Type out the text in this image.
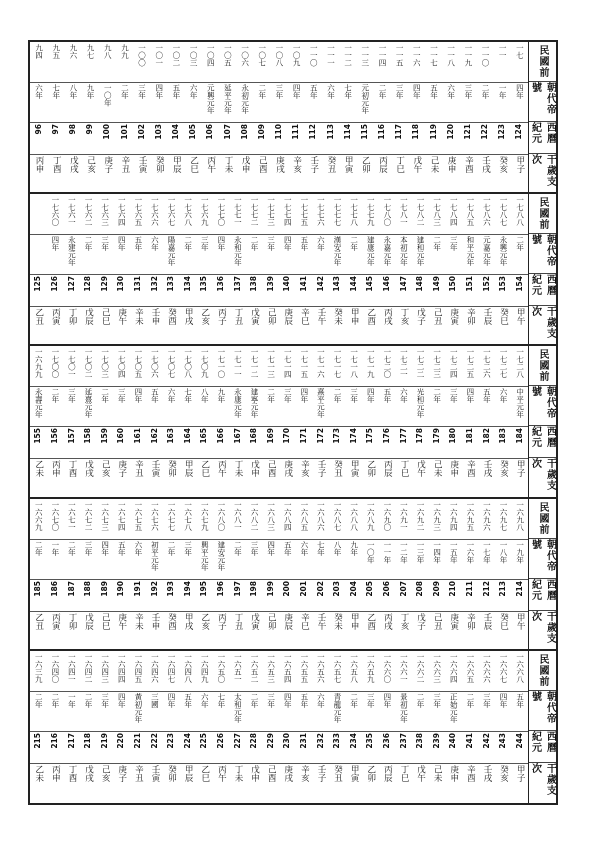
民國前
朝代帝號
西曆紀元
干歲支次
一七
四年
124
甲子
一一
一年
123
癸亥
一一〇
二年
122
壬戌
一一九
三年
121
辛酉
一一八
六年
120
庚申
一一七
五年
119
己未
一一六
四年
118
戊午
一一五
三年
117
丁巳
一一四
二年
116
丙辰
一一三
元初元年
115
乙卯
一一二
七年
114
甲寅
一一一
六年
113
癸丑
一一〇
五年
112
壬子
一〇九
四年
111
辛亥
一〇八
三年
110
庚戌
一〇七
二年
109
己酉
一〇六
永初元年
108
戊申
一〇五
延平元年
107
丁未
一〇四
元興元年
106
丙午
一〇三
六年
105
乙巳
一〇二
五年
104
甲辰
一〇一
四年
103
癸卯
一〇〇
三年
102
壬寅
九九
二年
101
辛丑
九八
一〇年
100
庚子
九七
九年
99
己亥
九六
八年
98
戊戌
九五
七年
97
丁酉
九四
六年
96
丙申
民國前
朝代帝號
西曆紀元
干歲支次
一七八八
二年
154
甲午
一七八七
永興元年
153
癸巳
一七八六
元嘉元年
152
壬辰
一七八五
和平元年
151
辛卯
一七八四
三年
150
庚寅
一七八三
二年
149
己丑
一七八二
建和元年
148
戊子
一七八一
本初元年
147
丁亥
一七八〇
永嘉元年
146
丙戌
一七七九
建康元年
145
乙酉
一七七八
二年
144
甲申
一七七七
漢安元年
143
癸未
一七七六
六年
142
壬午
一七七五
五年
141
辛巳
一七七四
四年
140
庚辰
一七七三
三年
139
己卯
一七七二
二年
138
戊寅
一七七一
永和元年
137
丁丑
一七七〇
四年
136
丙子
一七六九
三年
135
乙亥
一七六八
二年
134
甲戌
一七六七
陽嘉元年
133
癸酉
一七六六
六年
132
壬申
一七六五
五年
131
辛未
一七六四
四年
130
庚午
一七六三
三年
129
己巳
一七六二
二年
128
戊辰
一七六一
永建元年
127
丁卯
一七六〇
四年
126
丙寅
125
乙丑
民國前
朝代帝號
西曆紀元
干歲支次
一七二八
中平元年
184
甲子
一七二七
六年
183
癸亥
一七二六
五年
182
壬戌
一七二五
四年
181
辛酉
一七二四
三年
180
庚申
一七二三
二年
179
己未
一七二二
光和元年
178
戊午
一七二一
六年
177
丁巳
一七二〇
五年
176
丙辰
一七一九
四年
175
乙卯
一七一八
三年
174
甲寅
一七一七
二年
173
癸丑
一七一六
熹平元年
172
壬子
一七一五
四年
171
辛亥
一七一四
三年
170
庚戌
一七一三
二年
169
己酉
一七一二
建寧元年
168
戊申
一七一一
永康元年
167
丁未
一七一〇
九年
166
丙午
一七〇九
八年
165
乙巳
一七〇八
七年
164
甲辰
一七〇七
六年
163
癸卯
一七〇六
五年
162
壬寅
一七〇五
四年
161
辛丑
一七〇四
三年
160
庚子
一七〇三
二年
159
己亥
一七〇二
延熹元年
158
戊戌
一七〇一
三年
157
丁酉
一七〇〇
二年
156
丙申
一六九九
永壽元年
155
乙未
民國前
朝代帝號
西曆紀元
干歲支次
一六九八
一九年
214
甲午
一六九七
一八年
213
癸巳
一六九六
一七年
212
壬辰
一六九五
一六年
211
辛卯
一六九四
一五年
210
庚寅
一六九三
一四年
209
己丑
一六九二
一三年
208
戊子
一六九一
一二年
207
丁亥
一六九〇
一一年
206
丙戌
一六八九
一〇年
205
乙酉
一六八八
九年
204
甲申
一六八七
八年
203
癸未
一六八六
七年
202
壬午
一六八五
六年
201
辛巳
一六八四
五年
200
庚辰
一六八三
四年
199
己卯
一六八二
三年
198
戊寅
一六八一
二年
197
丁丑
一六八〇
建安元年
196
丙子
一六七九
興平元年
195
乙亥
一六七八
三年
194
甲戌
一六七七
二年
193
癸酉
一六七六
初平元年
192
壬申
一六七五
六年
191
辛未
一六七四
五年
190
庚午
一六七三
四年
189
己巳
一六七二
三年
188
戊辰
一六七一
二年
187
丁卯
一六七〇
一年
186
丙寅
一六六九
二年
185
乙丑
民國前
朝代帝號
西曆紀元
干歲支次
一六六八
五年
244
甲子
一六六七
四年
243
癸亥
一六六六
三年
242
壬戌
一六六五
二年
241
辛酉
一六六四
正始元年
240
庚申
一六六三
三年
239
己未
一六六二
二年
238
戊午
一六六一
景初元年
237
丁巳
一六六〇
四年
236
丙辰
一六五九
三年
235
乙卯
一六五八
二年
234
甲寅
一六五七
青龍元年
233
癸丑
一六五六
六年
232
壬子
一六五五
五年
231
辛亥
一六五四
四年
230
庚戌
一六五三
三年
229
己酉
一六五二
二年
228
戊申
一六五一
太和元年
227
丁未
一六五〇
七年
226
丙午
一六四九
六年
225
乙巳
一六四八
五年
224
甲辰
一六四七
四年
223
癸卯
一六四六
三國
222
壬寅
一六四五
黃初元年
221
辛丑
一六四四
四年
220
庚子
一六四三
三年
219
己亥
一六四二
二年
218
戊戌
一六四一
一年
217
丁酉
一六四〇
二年
216
丙申
一六三九
二年
215
乙未
